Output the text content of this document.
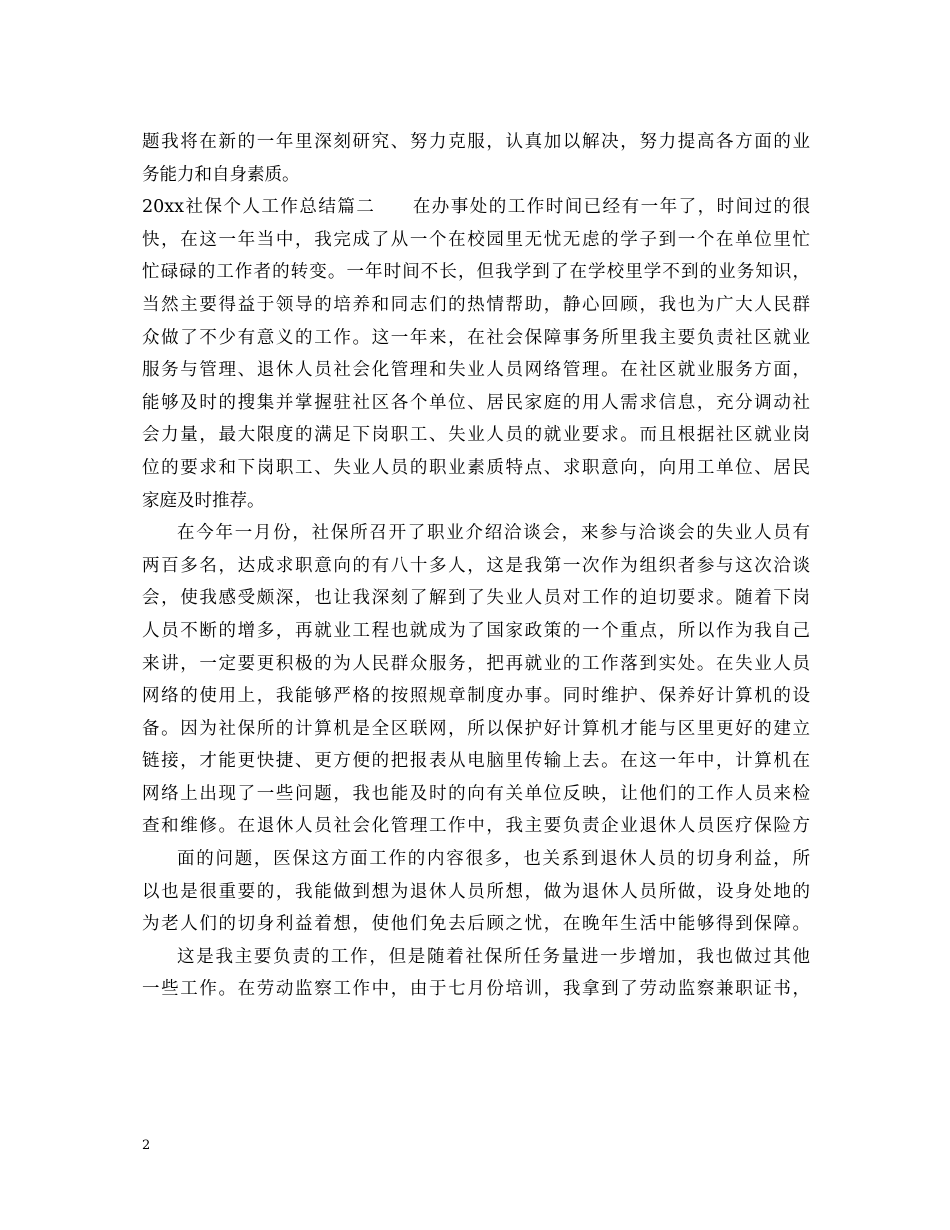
题我将在新的一年里深刻研究、努力克服，认真加以解决，努力提高各方面的业
务能力和自身素质。
20xx社保个人工作总结篇二 在办事处的工作时间已经有一年了，时间过的很
快，在这一年当中，我完成了从一个在校园里无忧无虑的学子到一个在单位里忙
忙碌碌的工作者的转变。一年时间不长，但我学到了在学校里学不到的业务知识，
当然主要得益于领导的培养和同志们的热情帮助，静心回顾，我也为广大人民群
众做了不少有意义的工作。这一年来，在社会保障事务所里我主要负责社区就业
服务与管理、退休人员社会化管理和失业人员网络管理。在社区就业服务方面，
能够及时的搜集并掌握驻社区各个单位、居民家庭的用人需求信息，充分调动社
会力量，最大限度的满足下岗职工、失业人员的就业要求。而且根据社区就业岗
位的要求和下岗职工、失业人员的职业素质特点、求职意向，向用工单位、居民
家庭及时推荐。
在今年一月份，社保所召开了职业介绍洽谈会，来参与洽谈会的失业人员有
两百多名，达成求职意向的有八十多人，这是我第一次作为组织者参与这次洽谈
会，使我感受颇深，也让我深刻了解到了失业人员对工作的迫切要求。随着下岗
人员不断的增多，再就业工程也就成为了国家政策的一个重点，所以作为我自己
来讲，一定要更积极的为人民群众服务，把再就业的工作落到实处。在失业人员
网络的使用上，我能够严格的按照规章制度办事。同时维护、保养好计算机的设
备。因为社保所的计算机是全区联网，所以保护好计算机才能与区里更好的建立
链接，才能更快捷、更方便的把报表从电脑里传输上去。在这一年中，计算机在
网络上出现了一些问题，我也能及时的向有关单位反映，让他们的工作人员来检
查和维修。在退休人员社会化管理工作中，我主要负责企业退休人员医疗保险方
面的问题，医保这方面工作的内容很多，也关系到退休人员的切身利益，所
以也是很重要的，我能做到想为退休人员所想，做为退休人员所做，设身处地的
为老人们的切身利益着想，使他们免去后顾之忧，在晚年生活中能够得到保障。
这是我主要负责的工作，但是随着社保所任务量进一步增加，我也做过其他
一些工作。在劳动监察工作中，由于七月份培训，我拿到了劳动监察兼职证书，
2
